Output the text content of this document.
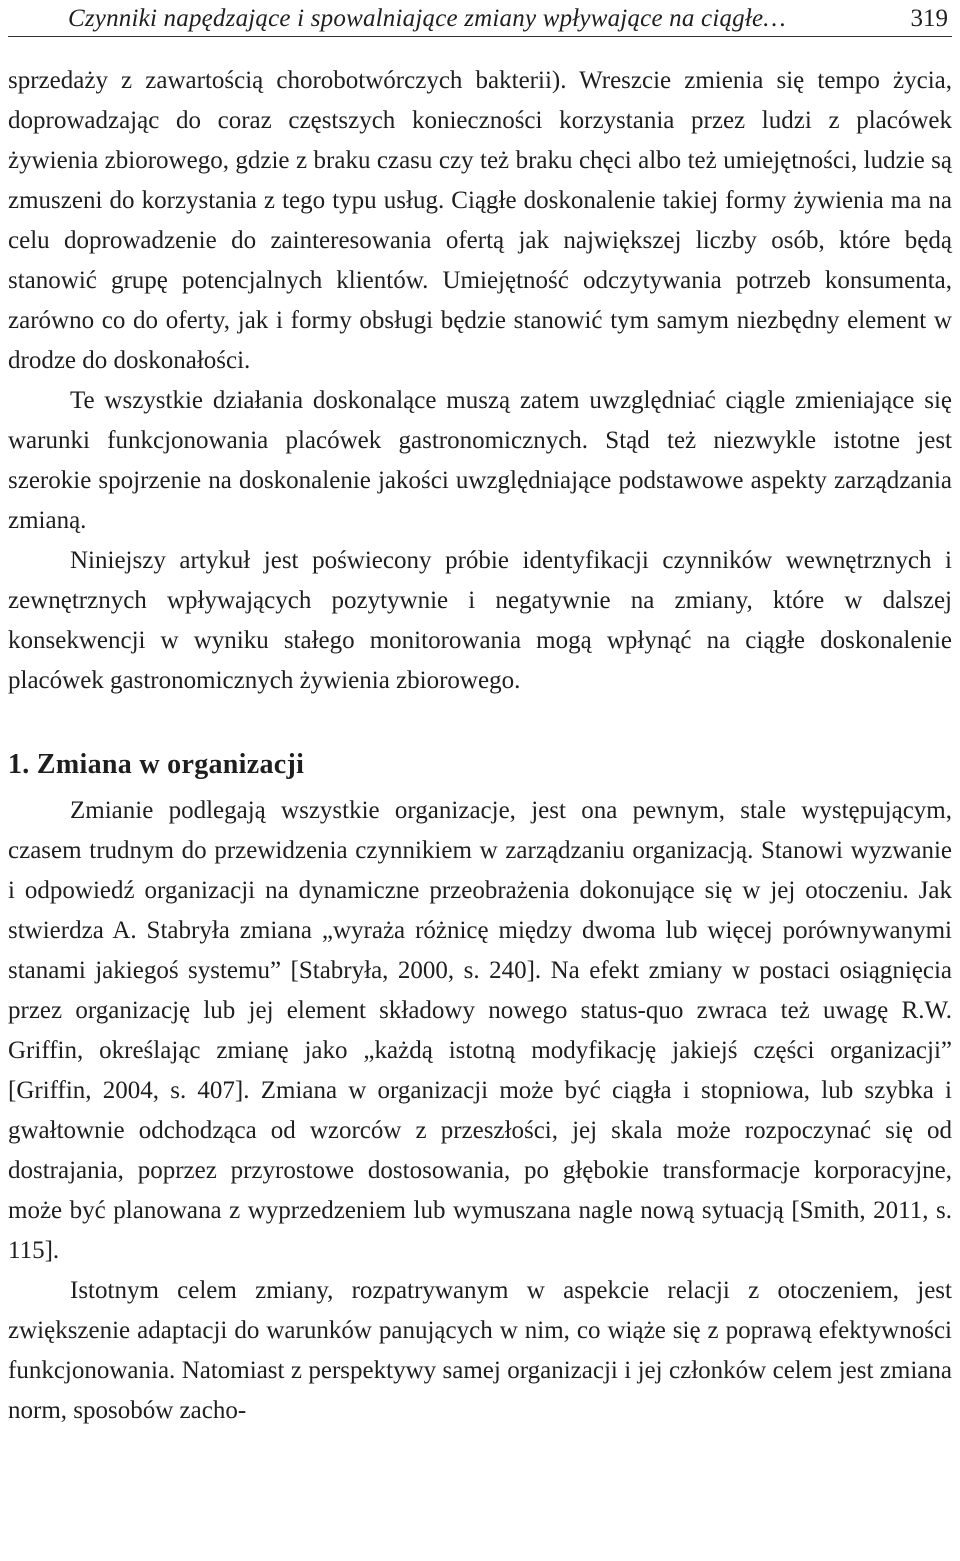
Czynniki napędzające i spowalniające zmiany wpływające na ciągłe…	319

sprzedaży z zawartością chorobotwórczych bakterii). Wreszcie zmienia się tempo życia, doprowadzając do coraz częstszych konieczności korzystania przez ludzi z placówek żywienia zbiorowego, gdzie z braku czasu czy też braku chęci albo też umiejętności, ludzie są zmuszeni do korzystania z tego typu usług. Ciągłe doskonalenie takiej formy żywienia ma na celu doprowadzenie do zainteresowania ofertą jak największej liczby osób, które będą stanowić grupę potencjalnych klientów. Umiejętność odczytywania potrzeb konsumenta, zarówno co do oferty, jak i formy obsługi będzie stanowić tym samym niezbędny element w drodze do doskonałości.

Te wszystkie działania doskonalące muszą zatem uwzględniać ciągle zmieniające się warunki funkcjonowania placówek gastronomicznych. Stąd też niezwykle istotne jest szerokie spojrzenie na doskonalenie jakości uwzględniające podstawowe aspekty zarządzania zmianą.

Niniejszy artykuł jest poświecony próbie identyfikacji czynników wewnętrznych i zewnętrznych wpływających pozytywnie i negatywnie na zmiany, które w dalszej konsekwencji w wyniku stałego monitorowania mogą wpłynąć na ciągłe doskonalenie placówek gastronomicznych żywienia zbiorowego.

1. Zmiana w organizacji

Zmianie podlegają wszystkie organizacje, jest ona pewnym, stale występującym, czasem trudnym do przewidzenia czynnikiem w zarządzaniu organizacją. Stanowi wyzwanie i odpowiedź organizacji na dynamiczne przeobrażenia dokonujące się w jej otoczeniu. Jak stwierdza A. Stabryła zmiana „wyraża różnicę między dwoma lub więcej porównywanymi stanami jakiegoś systemu” [Stabryła, 2000, s. 240]. Na efekt zmiany w postaci osiągnięcia przez organizację lub jej element składowy nowego status-quo zwraca też uwagę R.W. Griffin, określając zmianę jako „każdą istotną modyfikację jakiejś części organizacji” [Griffin, 2004, s. 407]. Zmiana w organizacji może być ciągła i stopniowa, lub szybka i gwałtownie odchodząca od wzorców z przeszłości, jej skala może rozpoczynać się od dostrajania, poprzez przyrostowe dostosowania, po głębokie transformacje korporacyjne, może być planowana z wyprzedzeniem lub wymuszana nagle nową sytuacją [Smith, 2011, s. 115].

Istotnym celem zmiany, rozpatrywanym w aspekcie relacji z otoczeniem, jest zwiększenie adaptacji do warunków panujących w nim, co wiąże się z poprawą efektywności funkcjonowania. Natomiast z perspektywy samej organizacji i jej członków celem jest zmiana norm, sposobów zacho-
